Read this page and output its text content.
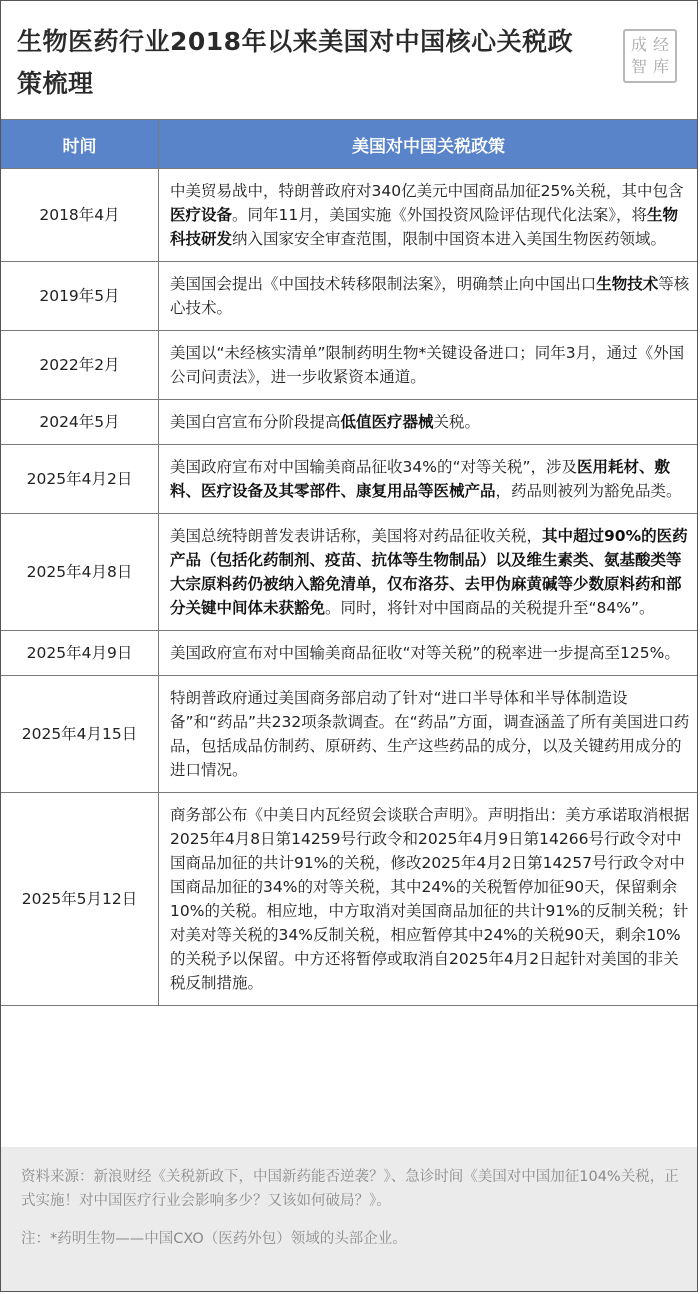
生物医药行业2018年以来美国对中国核心关税政策梳理
成 经
智 库
时间	美国对中国关税政策
2018年4月	中美贸易战中，特朗普政府对340亿美元中国商品加征25%关税，其中包含医疗设备。同年11月，美国实施《外国投资风险评估现代化法案》，将生物科技研发纳入国家安全审查范围，限制中国资本进入美国生物医药领域。
2019年5月	美国国会提出《中国技术转移限制法案》，明确禁止向中国出口生物技术等核心技术。
2022年2月	美国以“未经核实清单”限制药明生物*关键设备进口；同年3月，通过《外国公司问责法》，进一步收紧资本通道。
2024年5月	美国白宫宣布分阶段提高低值医疗器械关税。
2025年4月2日	美国政府宣布对中国输美商品征收34%的“对等关税”，涉及医用耗材、敷料、医疗设备及其零部件、康复用品等医械产品，药品则被列为豁免品类。
2025年4月8日	美国总统特朗普发表讲话称，美国将对药品征收关税，其中超过90%的医药产品（包括化药制剂、疫苗、抗体等生物制品）以及维生素类、氨基酸类等大宗原料药仍被纳入豁免清单，仅布洛芬、去甲伪麻黄碱等少数原料药和部分关键中间体未获豁免。同时，将针对中国商品的关税提升至“84%”。
2025年4月9日	美国政府宣布对中国输美商品征收“对等关税”的税率进一步提高至125%。
2025年4月15日	特朗普政府通过美国商务部启动了针对“进口半导体和半导体制造设备”和“药品”共232项条款调查。在“药品”方面，调查涵盖了所有美国进口药品，包括成品仿制药、原研药、生产这些药品的成分，以及关键药用成分的进口情况。
2025年5月12日	商务部公布《中美日内瓦经贸会谈联合声明》。声明指出：美方承诺取消根据2025年4月8日第14259号行政令和2025年4月9日第14266号行政令对中国商品加征的共计91%的关税，修改2025年4月2日第14257号行政令对中国商品加征的34%的对等关税，其中24%的关税暂停加征90天，保留剩余10%的关税。相应地，中方取消对美国商品加征的共计91%的反制关税；针对美对等关税的34%反制关税，相应暂停其中24%的关税90天，剩余10%的关税予以保留。中方还将暂停或取消自2025年4月2日起针对美国的非关税反制措施。
资料来源：新浪财经《关税新政下，中国新药能否逆袭？》、急诊时间《美国对中国加征104%关税，正式实施！对中国医疗行业会影响多少？又该如何破局？》。
注：*药明生物——中国CXO（医药外包）领域的头部企业。
